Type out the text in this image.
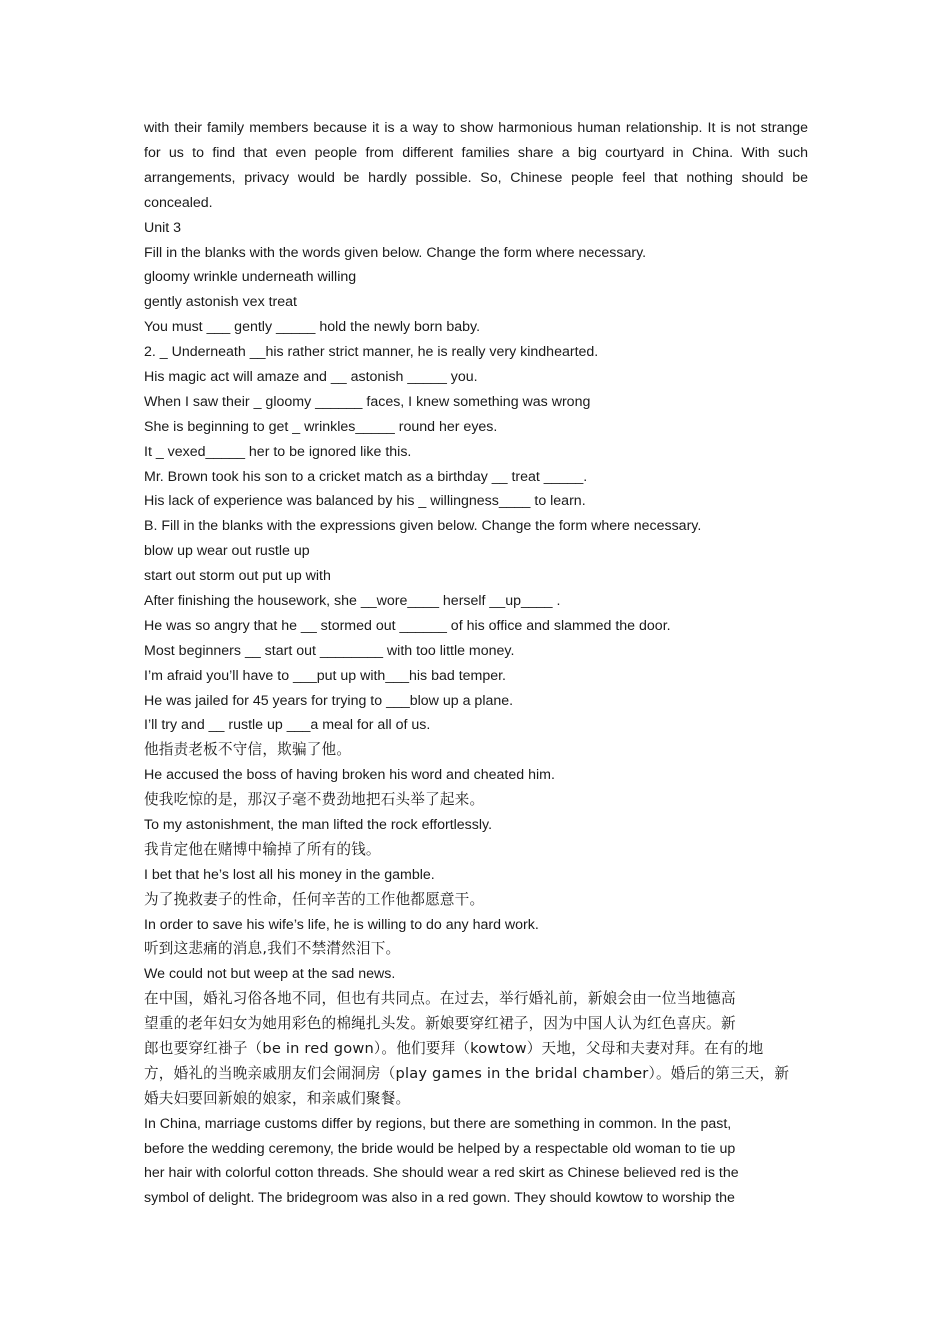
with their family members because it is a way to show harmonious human relationship. It is not strange for us to find that even people from different families share a big courtyard in China. With such arrangements, privacy would be hardly possible. So, Chinese people feel that nothing should be concealed.
Unit 3
Fill in the blanks with the words given below. Change the form where necessary.
gloomy wrinkle underneath willing
gently astonish vex treat
You must ___ gently _____ hold the newly born baby.
2. _ Underneath __his rather strict manner, he is really very kindhearted.
His magic act will amaze and __ astonish _____ you.
When I saw their _ gloomy ______ faces, I knew something was wrong
She is beginning to get _ wrinkles_____ round her eyes.
It _ vexed_____ her to be ignored like this.
Mr. Brown took his son to a cricket match as a birthday __ treat _____.
His lack of experience was balanced by his _ willingness____ to learn.
B. Fill in the blanks with the expressions given below. Change the form where necessary.
blow up wear out rustle up
start out storm out put up with
After finishing the housework, she __wore____ herself __up____ .
He was so angry that he __ stormed out ______ of his office and slammed the door.
Most beginners __ start out ________ with too little money.
I’m afraid you’ll have to ___put up with___his bad temper.
He was jailed for 45 years for trying to ___blow up a plane.
I’ll try and __ rustle up ___a meal for all of us.
他指责老板不守信，欺骗了他。
He accused the boss of having broken his word and cheated him.
使我吃惊的是，那汉子毫不费劲地把石头举了起来。
To my astonishment, the man lifted the rock effortlessly.
我肯定他在赌博中输掉了所有的钱。
I bet that he’s lost all his money in the gamble.
为了挽救妻子的性命，任何辛苦的工作他都愿意干。
In order to save his wife’s life, he is willing to do any hard work.
听到这悲痛的消息,我们不禁潸然泪下。
We could not but weep at the sad news.
在中国，婚礼习俗各地不同，但也有共同点。在过去，举行婚礼前，新娘会由一位当地德高
望重的老年妇女为她用彩色的棉绳扎头发。新娘要穿红裙子，因为中国人认为红色喜庆。新
郎也要穿红褂子（be in red gown）。他们要拜（kowtow）天地，父母和夫妻对拜。在有的地
方，婚礼的当晚亲戚朋友们会闹洞房（play games in the bridal chamber）。婚后的第三天，新
婚夫妇要回新娘的娘家，和亲戚们聚餐。
In China, marriage customs differ by regions, but there are something in common. In the past,
before the wedding ceremony, the bride would be helped by a respectable old woman to tie up
her hair with colorful cotton threads. She should wear a red skirt as Chinese believed red is the
symbol of delight. The bridegroom was also in a red gown. They should kowtow to worship the
